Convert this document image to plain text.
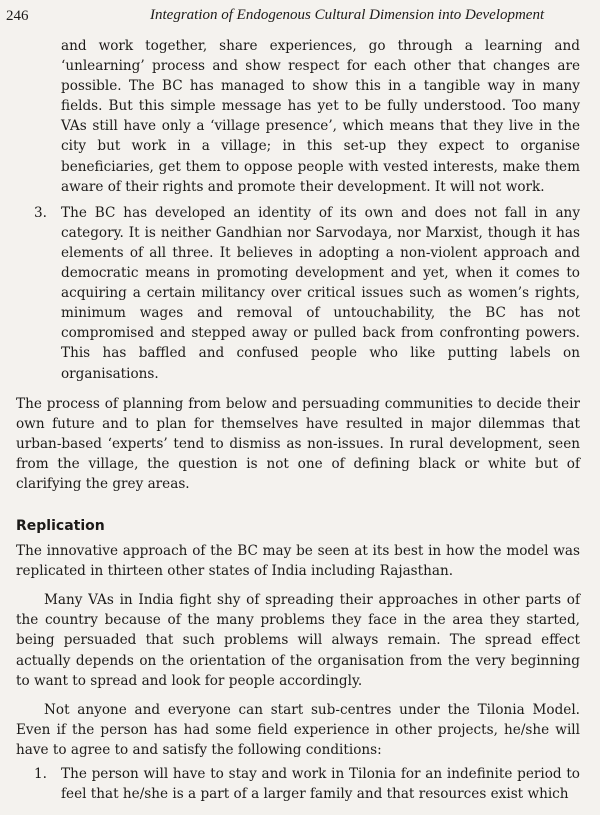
246	Integration of Endogenous Cultural Dimension into Development

and work together, share experiences, go through a learning and ‘unlearning’ process and show respect for each other that changes are possible. The BC has managed to show this in a tangible way in many fields. But this simple message has yet to be fully understood. Too many VAs still have only a ‘village presence’, which means that they live in the city but work in a village; in this set-up they expect to organise beneficiaries, get them to oppose people with vested interests, make them aware of their rights and promote their development. It will not work.

3. The BC has developed an identity of its own and does not fall in any category. It is neither Gandhian nor Sarvodaya, nor Marxist, though it has elements of all three. It believes in adopting a non-violent approach and democratic means in promoting development and yet, when it comes to acquiring a certain militancy over critical issues such as women’s rights, minimum wages and removal of untouchability, the BC has not compromised and stepped away or pulled back from confronting powers. This has baffled and confused people who like putting labels on organisations.

The process of planning from below and persuading communities to decide their own future and to plan for themselves have resulted in major dilemmas that urban-based ‘experts’ tend to dismiss as non-issues. In rural development, seen from the village, the question is not one of defining black or white but of clarifying the grey areas.

Replication

The innovative approach of the BC may be seen at its best in how the model was replicated in thirteen other states of India including Rajasthan.

Many VAs in India fight shy of spreading their approaches in other parts of the country because of the many problems they face in the area they started, being persuaded that such problems will always remain. The spread effect actually depends on the orientation of the organisation from the very beginning to want to spread and look for people accordingly.

Not anyone and everyone can start sub-centres under the Tilonia Model. Even if the person has had some field experience in other projects, he/she will have to agree to and satisfy the following conditions:

1. The person will have to stay and work in Tilonia for an indefinite period to feel that he/she is a part of a larger family and that resources exist which
